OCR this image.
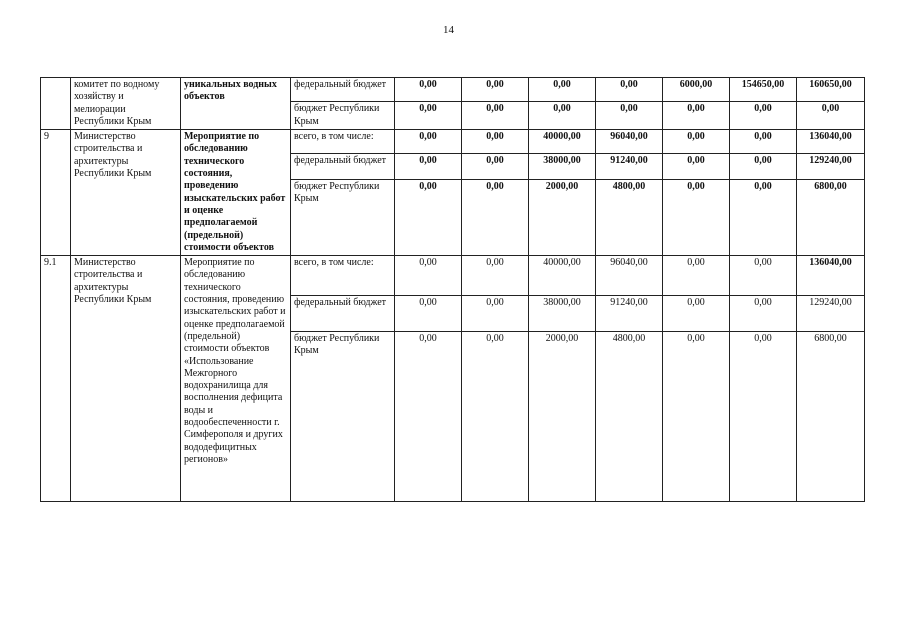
14
	комитет по водному хозяйству и мелиорации Республики Крым	уникальных водных объектов	федеральный бюджет	0,00	0,00	0,00	0,00	6000,00	154650,00	160650,00
			бюджет Республики Крым	0,00	0,00	0,00	0,00	0,00	0,00	0,00
9	Министерство строительства и архитектуры Республики Крым	Мероприятие по обследованию технического состояния, проведению изыскательских работ и оценке предполагаемой (предельной) стоимости объектов	всего, в том числе:	0,00	0,00	40000,00	96040,00	0,00	0,00	136040,00
			федеральный бюджет	0,00	0,00	38000,00	91240,00	0,00	0,00	129240,00
			бюджет Республики Крым	0,00	0,00	2000,00	4800,00	0,00	0,00	6800,00
9.1	Министерство строительства и архитектуры Республики Крым	Мероприятие по обследованию технического состояния, проведению изыскательских работ и оценке предполагаемой (предельной) стоимости объектов «Использование Межгорного водохранилища для восполнения дефицита воды и водообеспеченности г. Симферополя и других вододефицитных регионов»	всего, в том числе:	0,00	0,00	40000,00	96040,00	0,00	0,00	136040,00
			федеральный бюджет	0,00	0,00	38000,00	91240,00	0,00	0,00	129240,00
			бюджет Республики Крым	0,00	0,00	2000,00	4800,00	0,00	0,00	6800,00
